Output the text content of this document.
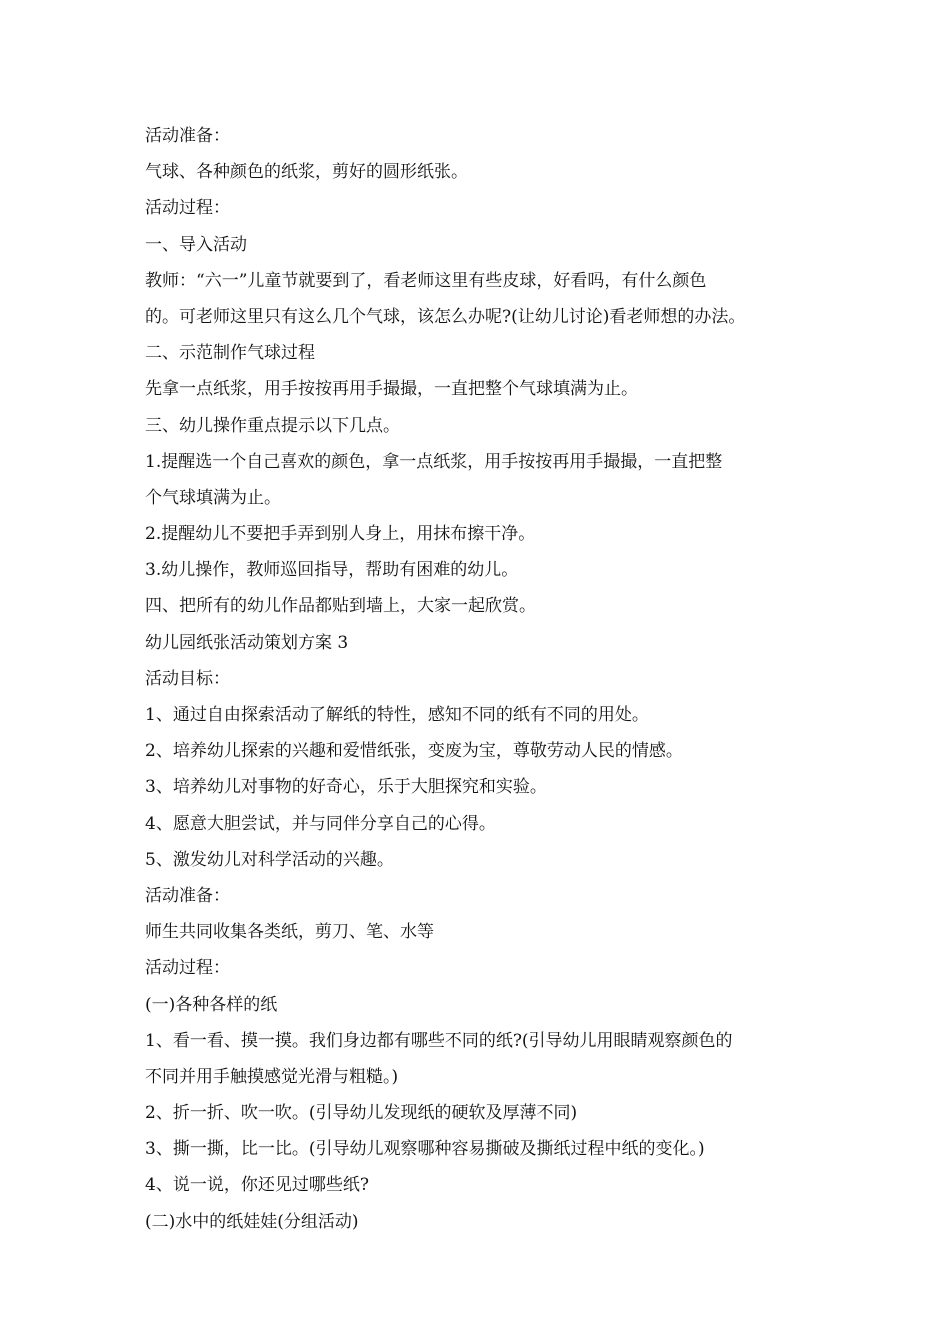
活动准备：
气球、各种颜色的纸浆，剪好的圆形纸张。
活动过程：
一、导入活动
教师：“六一”儿童节就要到了，看老师这里有些皮球，好看吗，有什么颜色
的。可老师这里只有这么几个气球，该怎么办呢?(让幼儿讨论)看老师想的办法。
二、示范制作气球过程
先拿一点纸浆，用手按按再用手撮撮，一直把整个气球填满为止。
三、幼儿操作重点提示以下几点。
1.提醒选一个自己喜欢的颜色，拿一点纸浆，用手按按再用手撮撮，一直把整
个气球填满为止。
2.提醒幼儿不要把手弄到别人身上，用抹布擦干净。
3.幼儿操作，教师巡回指导，帮助有困难的幼儿。
四、把所有的幼儿作品都贴到墙上，大家一起欣赏。
幼儿园纸张活动策划方案 3
活动目标：
1、通过自由探索活动了解纸的特性，感知不同的纸有不同的用处。
2、培养幼儿探索的兴趣和爱惜纸张，变废为宝，尊敬劳动人民的情感。
3、培养幼儿对事物的好奇心，乐于大胆探究和实验。
4、愿意大胆尝试，并与同伴分享自己的心得。
5、激发幼儿对科学活动的兴趣。
活动准备：
师生共同收集各类纸，剪刀、笔、水等
活动过程：
(一)各种各样的纸
1、看一看、摸一摸。我们身边都有哪些不同的纸?(引导幼儿用眼睛观察颜色的
不同并用手触摸感觉光滑与粗糙。)
2、折一折、吹一吹。(引导幼儿发现纸的硬软及厚薄不同)
3、撕一撕，比一比。(引导幼儿观察哪种容易撕破及撕纸过程中纸的变化。)
4、说一说，你还见过哪些纸?
(二)水中的纸娃娃(分组活动)
